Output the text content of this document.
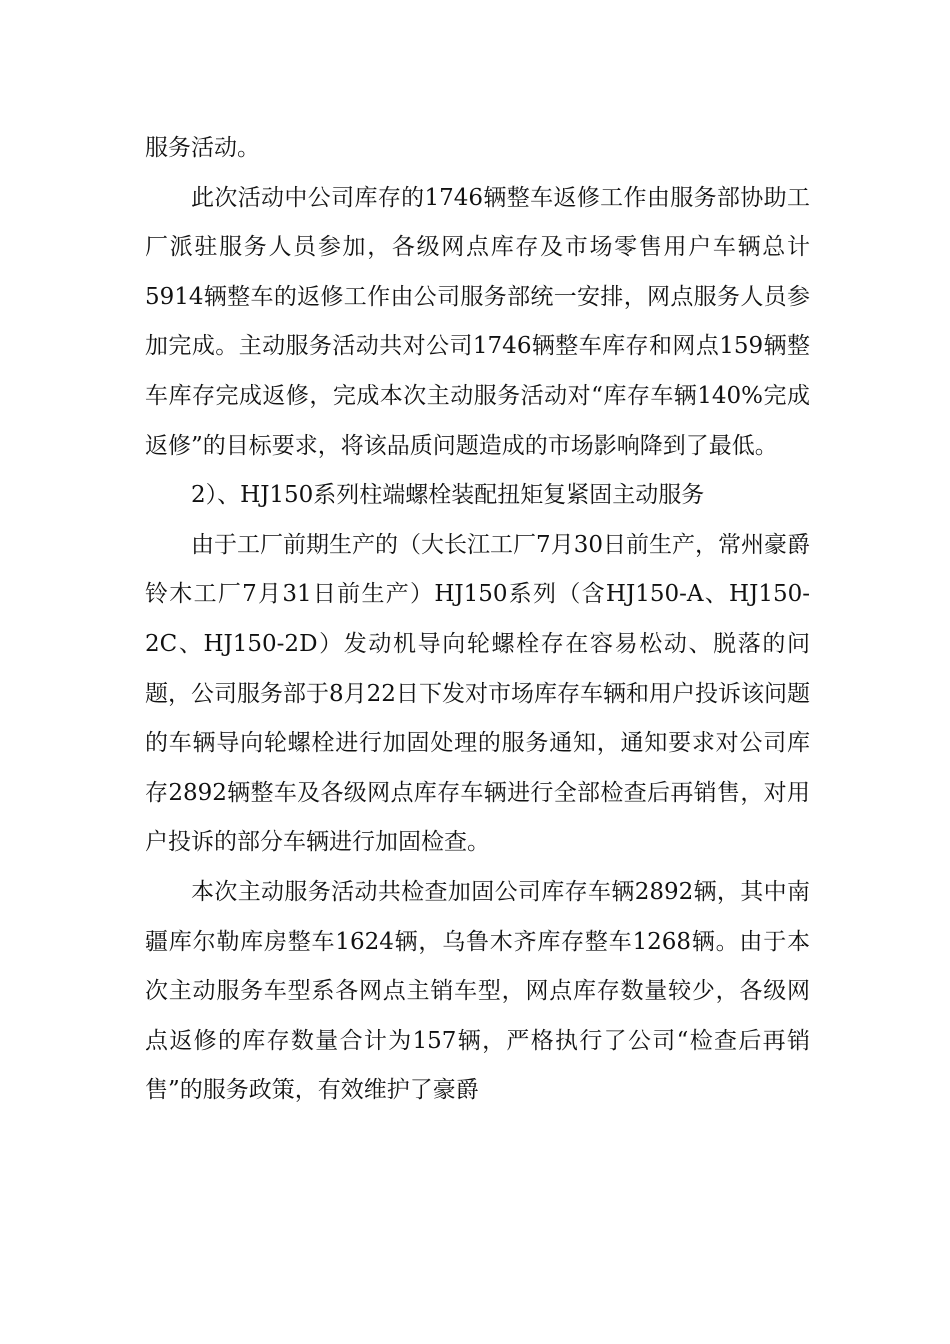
服务活动。

此次活动中公司库存的1746辆整车返修工作由服务部协助工厂派驻服务人员参加，各级网点库存及市场零售用户车辆总计5914辆整车的返修工作由公司服务部统一安排，网点服务人员参加完成。主动服务活动共对公司1746辆整车库存和网点159辆整车库存完成返修，完成本次主动服务活动对“库存车辆140%完成返修”的目标要求，将该品质问题造成的市场影响降到了最低。

2）、HJ150系列柱端螺栓装配扭矩复紧固主动服务

由于工厂前期生产的（大长江工厂7月30日前生产，常州豪爵铃木工厂7月31日前生产）HJ150系列（含HJ150-A、HJ150-2C、HJ150-2D）发动机导向轮螺栓存在容易松动、脱落的问题，公司服务部于8月22日下发对市场库存车辆和用户投诉该问题的车辆导向轮螺栓进行加固处理的服务通知，通知要求对公司库存2892辆整车及各级网点库存车辆进行全部检查后再销售，对用户投诉的部分车辆进行加固检查。

本次主动服务活动共检查加固公司库存车辆2892辆，其中南疆库尔勒库房整车1624辆，乌鲁木齐库存整车1268辆。由于本次主动服务车型系各网点主销车型，网点库存数量较少，各级网点返修的库存数量合计为157辆，严格执行了公司“检查后再销售”的服务政策，有效维护了豪爵
